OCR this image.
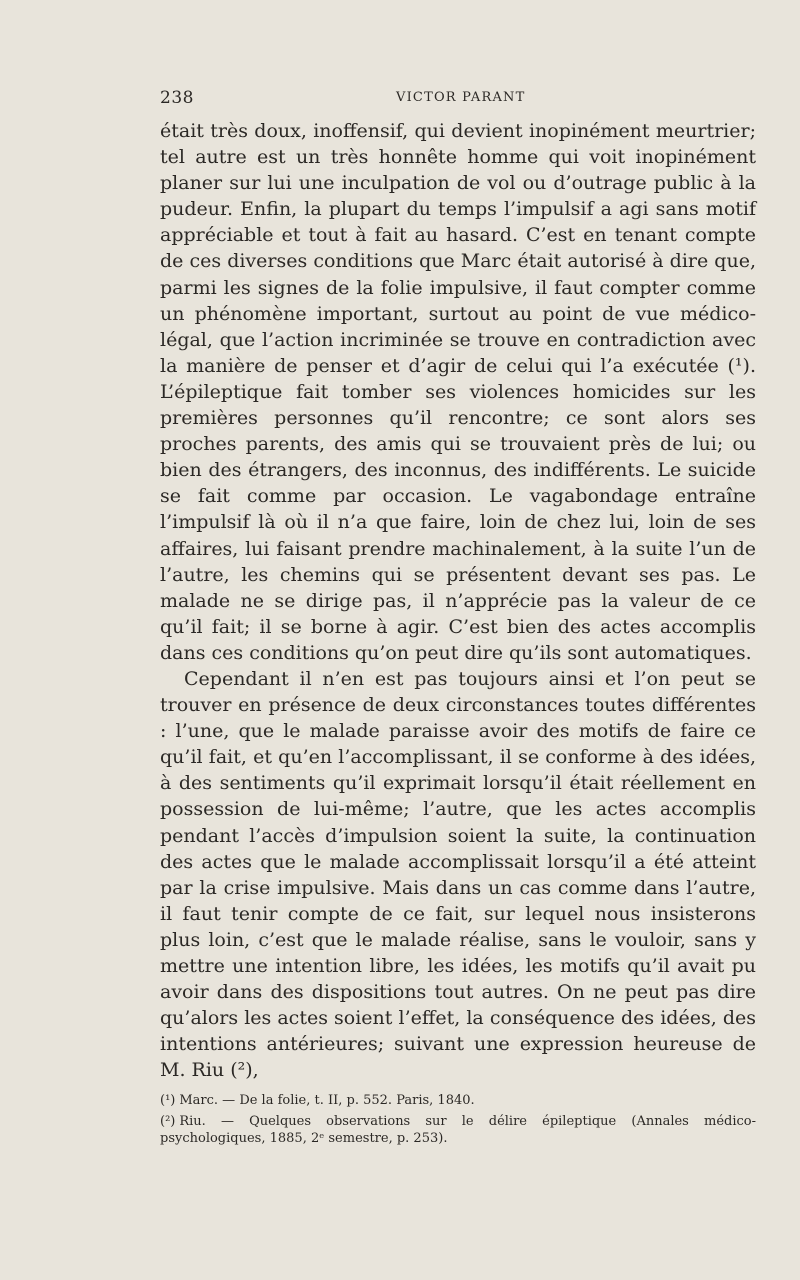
238	VICTOR PARANT

était très doux, inoffensif, qui devient inopinément meurtrier; tel autre est un très honnête homme qui voit inopinément planer sur lui une inculpation de vol ou d’outrage public à la pudeur. Enfin, la plupart du temps l’impulsif a agi sans motif appréciable et tout à fait au hasard. C’est en tenant compte de ces diverses conditions que Marc était autorisé à dire que, parmi les signes de la folie impulsive, il faut compter comme un phénomène important, surtout au point de vue médico-légal, que l’action incriminée se trouve en contradiction avec la manière de penser et d’agir de celui qui l’a exécutée (¹). L’épileptique fait tomber ses violences homicides sur les premières personnes qu’il rencontre; ce sont alors ses proches parents, des amis qui se trouvaient près de lui; ou bien des étrangers, des inconnus, des indifférents. Le suicide se fait comme par occasion. Le vagabondage entraîne l’impulsif là où il n’a que faire, loin de chez lui, loin de ses affaires, lui faisant prendre machinalement, à la suite l’un de l’autre, les chemins qui se présentent devant ses pas. Le malade ne se dirige pas, il n’apprécie pas la valeur de ce qu’il fait; il se borne à agir. C’est bien des actes accomplis dans ces conditions qu’on peut dire qu’ils sont automatiques.

Cependant il n’en est pas toujours ainsi et l’on peut se trouver en présence de deux circonstances toutes différentes : l’une, que le malade paraisse avoir des motifs de faire ce qu’il fait, et qu’en l’accomplissant, il se conforme à des idées, à des sentiments qu’il exprimait lorsqu’il était réellement en possession de lui-même; l’autre, que les actes accomplis pendant l’accès d’impulsion soient la suite, la continuation des actes que le malade accomplissait lorsqu’il a été atteint par la crise impulsive. Mais dans un cas comme dans l’autre, il faut tenir compte de ce fait, sur lequel nous insisterons plus loin, c’est que le malade réalise, sans le vouloir, sans y mettre une intention libre, les idées, les motifs qu’il avait pu avoir dans des dispositions tout autres. On ne peut pas dire qu’alors les actes soient l’effet, la conséquence des idées, des intentions antérieures; suivant une expression heureuse de M. Riu (²),

(¹) Marc. — De la folie, t. II, p. 552. Paris, 1840.

(²) Riu. — Quelques observations sur le délire épileptique (Annales médico-psychologiques, 1885, 2ᵉ semestre, p. 253).
